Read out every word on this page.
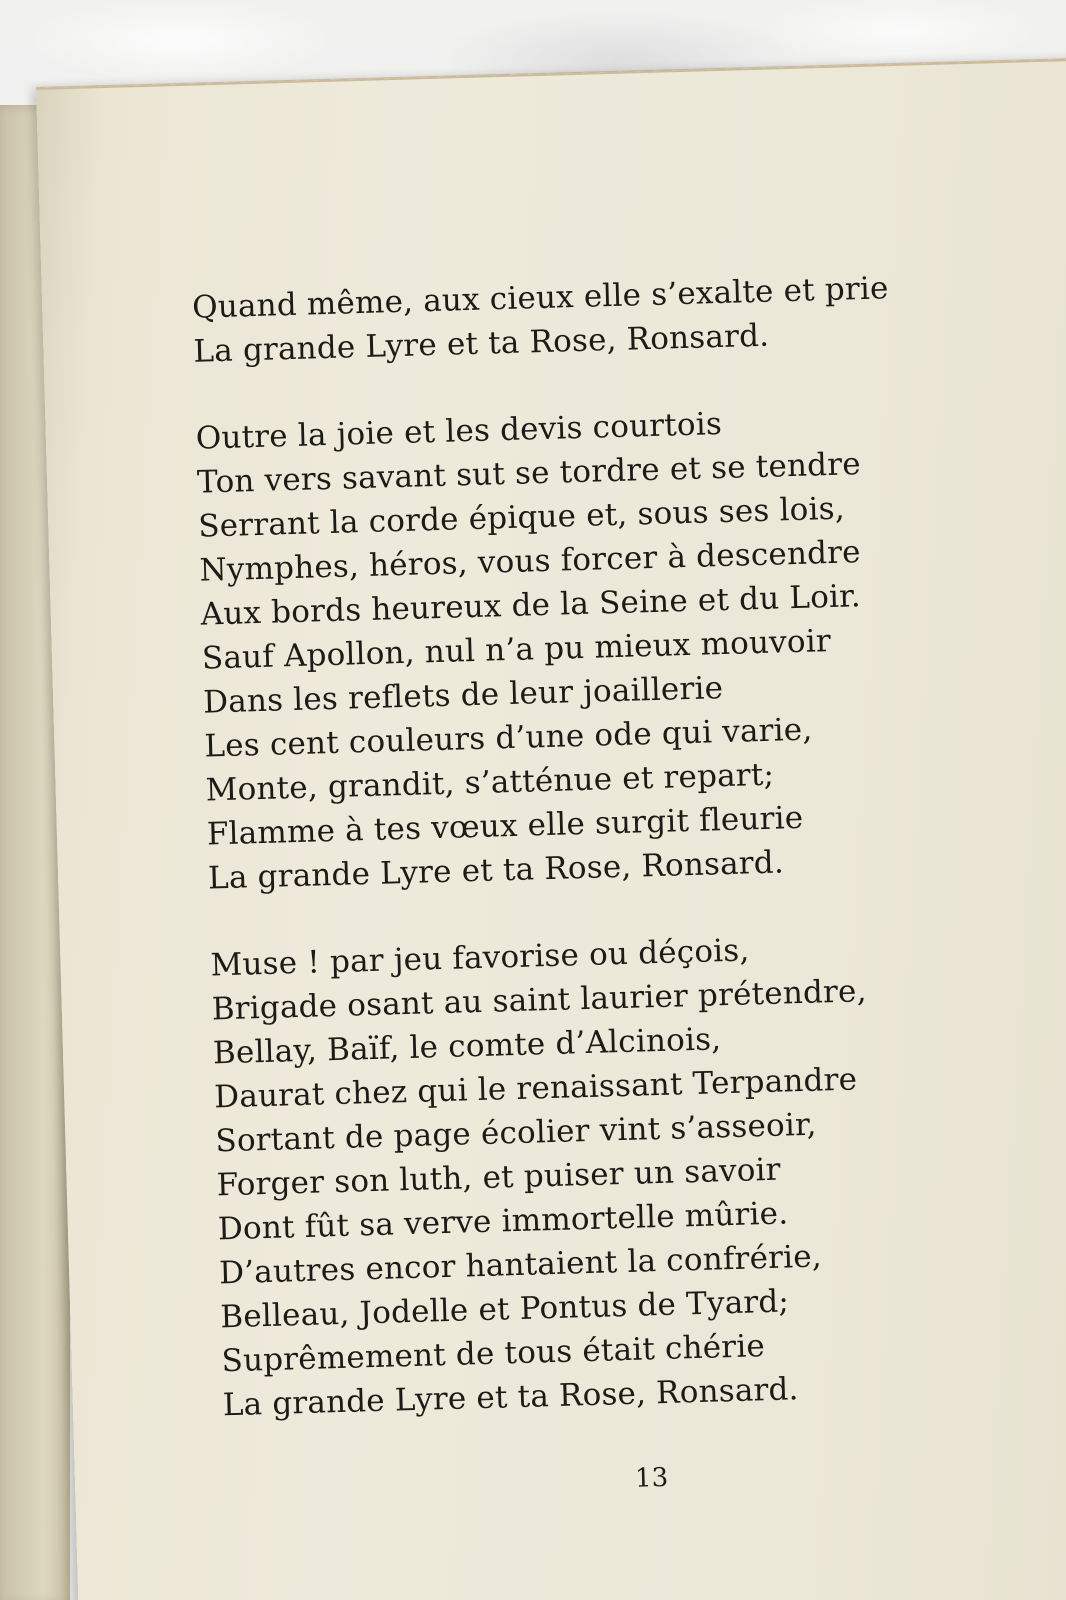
Quand même, aux cieux elle s’exalte et prie
La grande Lyre et ta Rose, Ronsard.
Outre la joie et les devis courtois
Ton vers savant sut se tordre et se tendre
Serrant la corde épique et, sous ses lois,
Nymphes, héros, vous forcer à descendre
Aux bords heureux de la Seine et du Loir.
Sauf Apollon, nul n’a pu mieux mouvoir
Dans les reflets de leur joaillerie
Les cent couleurs d’une ode qui varie,
Monte, grandit, s’atténue et repart;
Flamme à tes vœux elle surgit fleurie
La grande Lyre et ta Rose, Ronsard.
Muse ! par jeu favorise ou déçois,
Brigade osant au saint laurier prétendre,
Bellay, Baïf, le comte d’Alcinois,
Daurat chez qui le renaissant Terpandre
Sortant de page écolier vint s’asseoir,
Forger son luth, et puiser un savoir
Dont fût sa verve immortelle mûrie.
D’autres encor hantaient la confrérie,
Belleau, Jodelle et Pontus de Tyard;
Suprêmement de tous était chérie
La grande Lyre et ta Rose, Ronsard.
13
